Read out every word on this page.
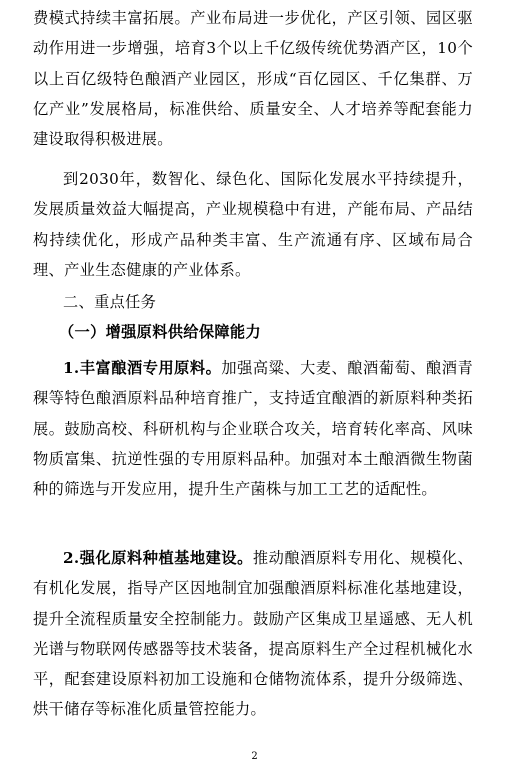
费模式持续丰富拓展。产业布局进一步优化，产区引领、园区驱动作用进一步增强，培育3个以上千亿级传统优势酒产区，10个以上百亿级特色酿酒产业园区，形成“百亿园区、千亿集群、万亿产业”发展格局，标准供给、质量安全、人才培养等配套能力建设取得积极进展。

到2030年，数智化、绿色化、国际化发展水平持续提升，发展质量效益大幅提高，产业规模稳中有进，产能布局、产品结构持续优化，形成产品种类丰富、生产流通有序、区域布局合理、产业生态健康的产业体系。

二、重点任务

（一）增强原料供给保障能力

1.丰富酿酒专用原料。加强高粱、大麦、酿酒葡萄、酿酒青稞等特色酿酒原料品种培育推广，支持适宜酿酒的新原料种类拓展。鼓励高校、科研机构与企业联合攻关，培育转化率高、风味物质富集、抗逆性强的专用原料品种。加强对本土酿酒微生物菌种的筛选与开发应用，提升生产菌株与加工工艺的适配性。

2.强化原料种植基地建设。推动酿酒原料专用化、规模化、有机化发展，指导产区因地制宜加强酿酒原料标准化基地建设，提升全流程质量安全控制能力。鼓励产区集成卫星遥感、无人机光谱与物联网传感器等技术装备，提高原料生产全过程机械化水平，配套建设原料初加工设施和仓储物流体系，提升分级筛选、烘干储存等标准化质量管控能力。

2
